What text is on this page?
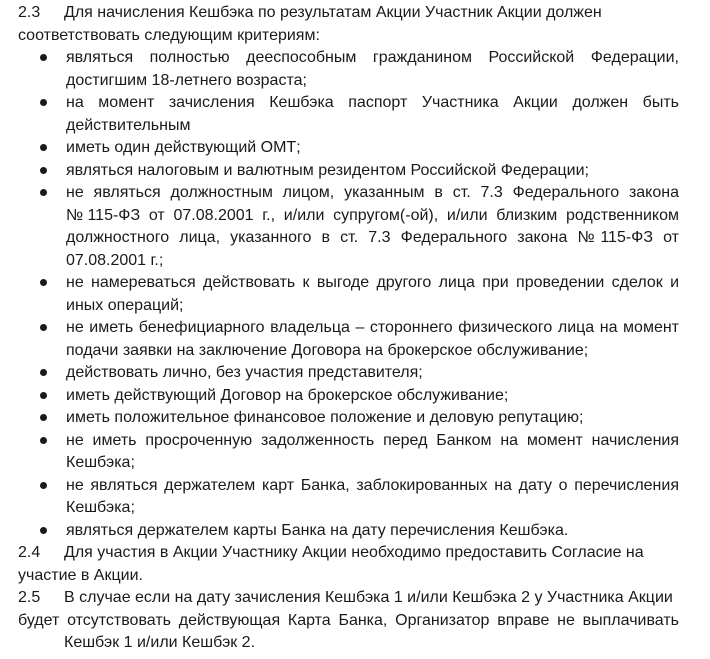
2.3 Для начисления Кешбэка по результатам Акции Участник Акции должен
соответствовать следующим критериям:

являться полностью дееспособным гражданином Российской Федерации, достигшим 18-летнего возраста;
на момент зачисления Кешбэка паспорт Участника Акции должен быть действительным
иметь один действующий ОМТ;
являться налоговым и валютным резидентом Российской Федерации;
не являться должностным лицом, указанным в ст. 7.3 Федерального закона №115-ФЗ от 07.08.2001 г., и/или супругом(-ой), и/или близким родственником должностного лица, указанного в ст. 7.3 Федерального закона №115-ФЗ от 07.08.2001 г.;
не намереваться действовать к выгоде другого лица при проведении сделок и иных операций;
не иметь бенефициарного владельца – стороннего физического лица на момент подачи заявки на заключение Договора на брокерское обслуживание;
действовать лично, без участия представителя;
иметь действующий Договор на брокерское обслуживание;
иметь положительное финансовое положение и деловую репутацию;
не иметь просроченную задолженность перед Банком на момент начисления Кешбэка;
не являться держателем карт Банка, заблокированных на дату о перечисления Кешбэка;
являться держателем карты Банка на дату перечисления Кешбэка.
2.4 Для участия в Акции Участнику Акции необходимо предоставить Согласие на
участие в Акции.

2.5 В случае если на дату зачисления Кешбэка 1 и/или Кешбэка 2 у Участника Акции
будет отсутствовать действующая Карта Банка, Организатор вправе не выплачивать Кешбэк 1 и/или Кешбэк 2.
